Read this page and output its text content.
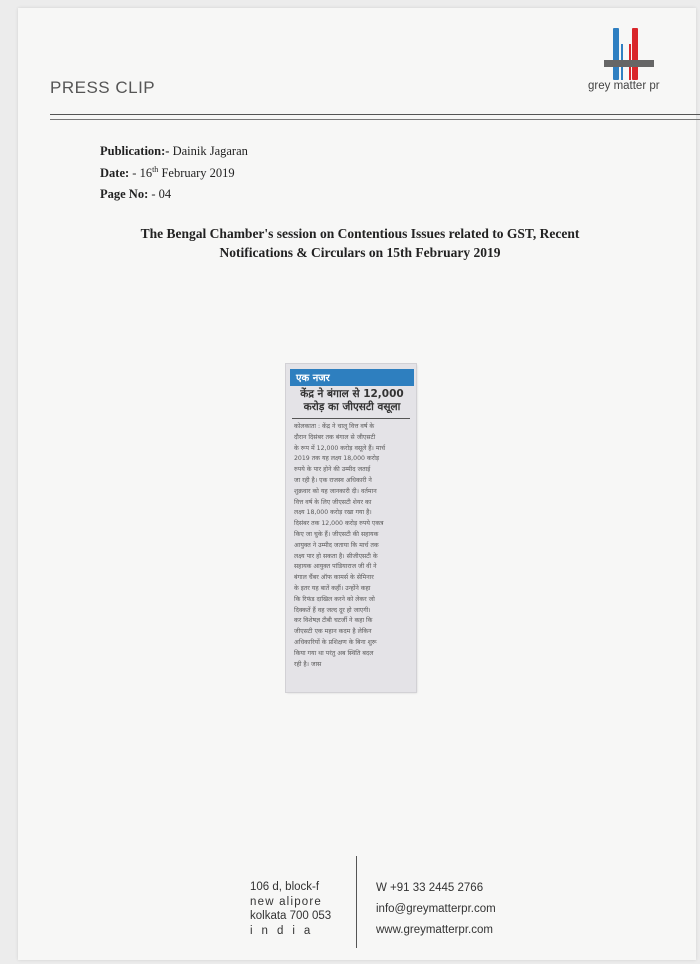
PRESS CLIP	grey matter pr
Publication:- Dainik Jagaran
Date: - 16th February 2019
Page No: - 04
The Bengal Chamber's session on Contentious Issues related to GST, Recent
Notifications & Circulars on 15th February 2019
एक नजर
केंद्र ने बंगाल से 12,000
करोड़ का जीएसटी वसूला
कोलकाता : केंद्र ने चालू वित्त वर्ष के
दौरान दिसंबर तक बंगाल से जीएसटी
के रूप में 12,000 करोड़ वसूले हैं। मार्च
2019 तक यह लक्ष्य 18,000 करोड़
रुपये के पार होने की उम्मीद जताई
जा रही है। एक राजस्व अधिकारी ने
शुक्रवार को यह जानकारी दी। वर्तमान
वित्त वर्ष के लिए जीएसटी शेयर का
लक्ष्य 18,000 करोड़ रखा गया है।
दिसंबर तक 12,000 करोड़ रुपये एकत्र
किए जा चुके हैं। जीएसटी की सहायक
आयुक्त ने उम्मीद जताया कि मार्च तक
लक्ष्य पार हो सकता है। सीजीएसटी के
सहायक आयुक्त पांडियाराज जी वी ने
बंगाल चैंबर ऑफ कामर्स के सेमिनार
के इतर यह बातें कहीं। उन्होंने कहा
कि रिफंड दाखिल करने को लेकर जो
दिक्कतें हैं वह जल्द दूर हो जाएगी।
कर विशेषज्ञ टीबी चटर्जी ने कहा कि
जीएसटी एक महान कदम है लेकिन
अधिकारियों के प्रशिक्षण के बिना शुरू
किया गया था परंतु अब स्थिति बदल
रही है। जास
106 d, block-f
new alipore
kolkata 700 053
india
W +91 33 2445 2766
info@greymatterpr.com
www.greymatterpr.com
